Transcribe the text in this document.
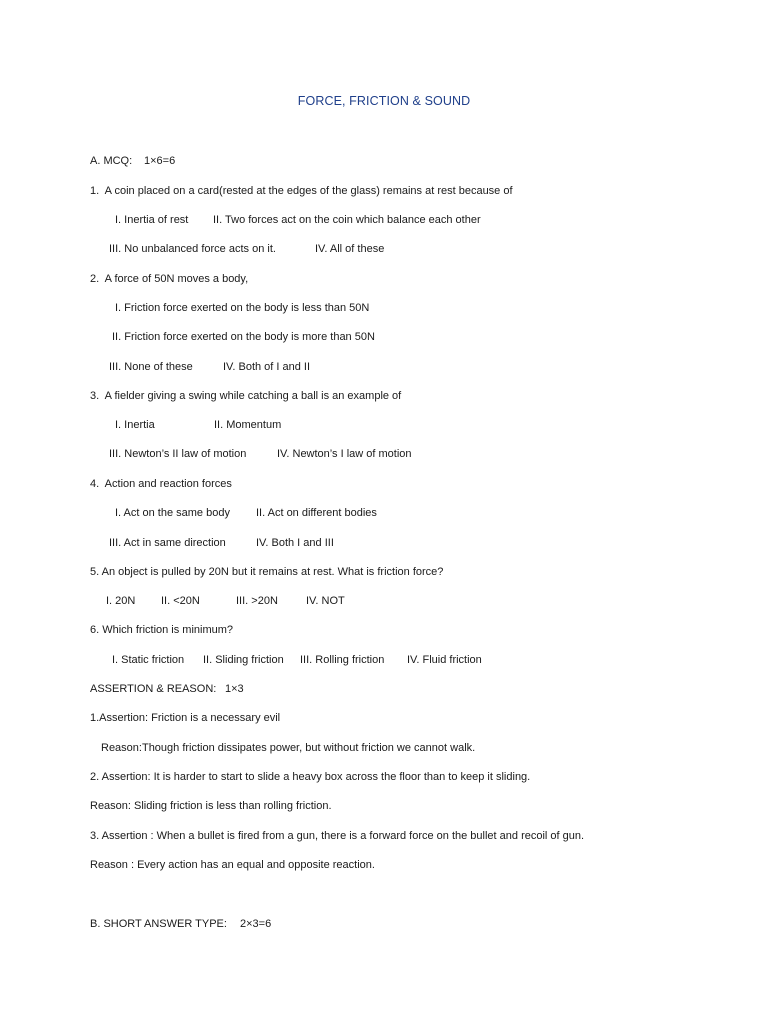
FORCE, FRICTION & SOUND
A. MCQ: 1×6=6
1.  A coin placed on a card(rested at the edges of the glass) remains at rest because of
I. Inertia of rest II. Two forces act on the coin which balance each other
III. No unbalanced force acts on it.	IV. All of these
2.  A force of 50N moves a body,
I. Friction force exerted on the body is less than 50N
II. Friction force exerted on the body is more than 50N
III. None of these	IV. Both of I and II
3.  A fielder giving a swing while catching a ball is an example of
I. Inertia	II. Momentum
III. Newton’s II law of motion	IV. Newton’s I law of motion
4.  Action and reaction forces
I. Act on the same body II. Act on different bodies
III. Act in same direction	IV. Both I and III
5. An object is pulled by 20N but it remains at rest. What is friction force?
I. 20N II. <20N	III. >20N	IV. NOT
6. Which friction is minimum?
I. Static friction II. Sliding friction III. Rolling friction IV. Fluid friction
ASSERTION & REASON: 1×3
1.Assertion: Friction is a necessary evil
Reason:Though friction dissipates power, but without friction we cannot walk.
2. Assertion: It is harder to start to slide a heavy box across the floor than to keep it sliding.
Reason: Sliding friction is less than rolling friction.
3. Assertion : When a bullet is fired from a gun, there is a forward force on the bullet and recoil of gun.
Reason : Every action has an equal and opposite reaction.
B. SHORT ANSWER TYPE: 2×3=6
